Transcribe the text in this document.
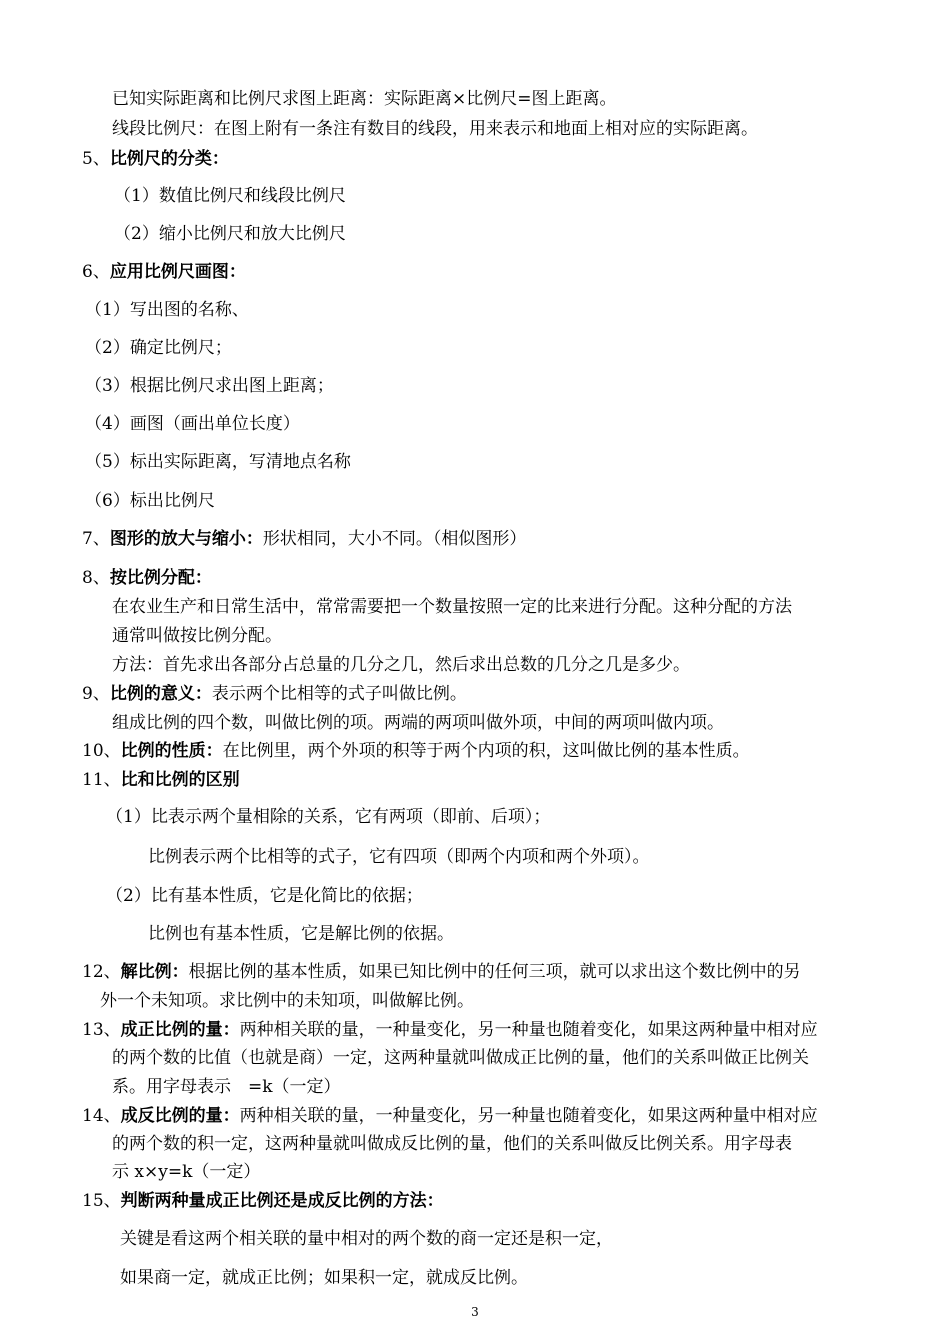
已知实际距离和比例尺求图上距离：实际距离×比例尺=图上距离。
线段比例尺：在图上附有一条注有数目的线段，用来表示和地面上相对应的实际距离。
5、比例尺的分类：
（1）数值比例尺和线段比例尺
（2）缩小比例尺和放大比例尺
6、应用比例尺画图：
（1）写出图的名称、
（2）确定比例尺；
（3）根据比例尺求出图上距离；
（4）画图（画出单位长度）
（5）标出实际距离，写清地点名称
（6）标出比例尺
7、图形的放大与缩小：形状相同，大小不同。（相似图形）
8、按比例分配：
在农业生产和日常生活中，常常需要把一个数量按照一定的比来进行分配。这种分配的方法
通常叫做按比例分配。
方法：首先求出各部分占总量的几分之几，然后求出总数的几分之几是多少。
9、比例的意义：表示两个比相等的式子叫做比例。
组成比例的四个数，叫做比例的项。两端的两项叫做外项，中间的两项叫做内项。
10、比例的性质：在比例里，两个外项的积等于两个内项的积，这叫做比例的基本性质。
11、比和比例的区别
（1）比表示两个量相除的关系，它有两项（即前、后项）；
比例表示两个比相等的式子，它有四项（即两个内项和两个外项）。
（2）比有基本性质，它是化简比的依据；
比例也有基本性质，它是解比例的依据。
12、解比例：根据比例的基本性质，如果已知比例中的任何三项，就可以求出这个数比例中的另
外一个未知项。求比例中的未知项，叫做解比例。
13、成正比例的量：两种相关联的量，一种量变化，另一种量也随着变化，如果这两种量中相对应
的两个数的比值（也就是商）一定，这两种量就叫做成正比例的量，他们的关系叫做正比例关
系。用字母表示　=k（一定）
14、成反比例的量：两种相关联的量，一种量变化，另一种量也随着变化，如果这两种量中相对应
的两个数的积一定，这两种量就叫做成反比例的量，他们的关系叫做反比例关系。用字母表
示 x×y=k（一定）
15、判断两种量成正比例还是成反比例的方法：
关键是看这两个相关联的量中相对的两个数的商一定还是积一定，
如果商一定，就成正比例；如果积一定，就成反比例。
3
